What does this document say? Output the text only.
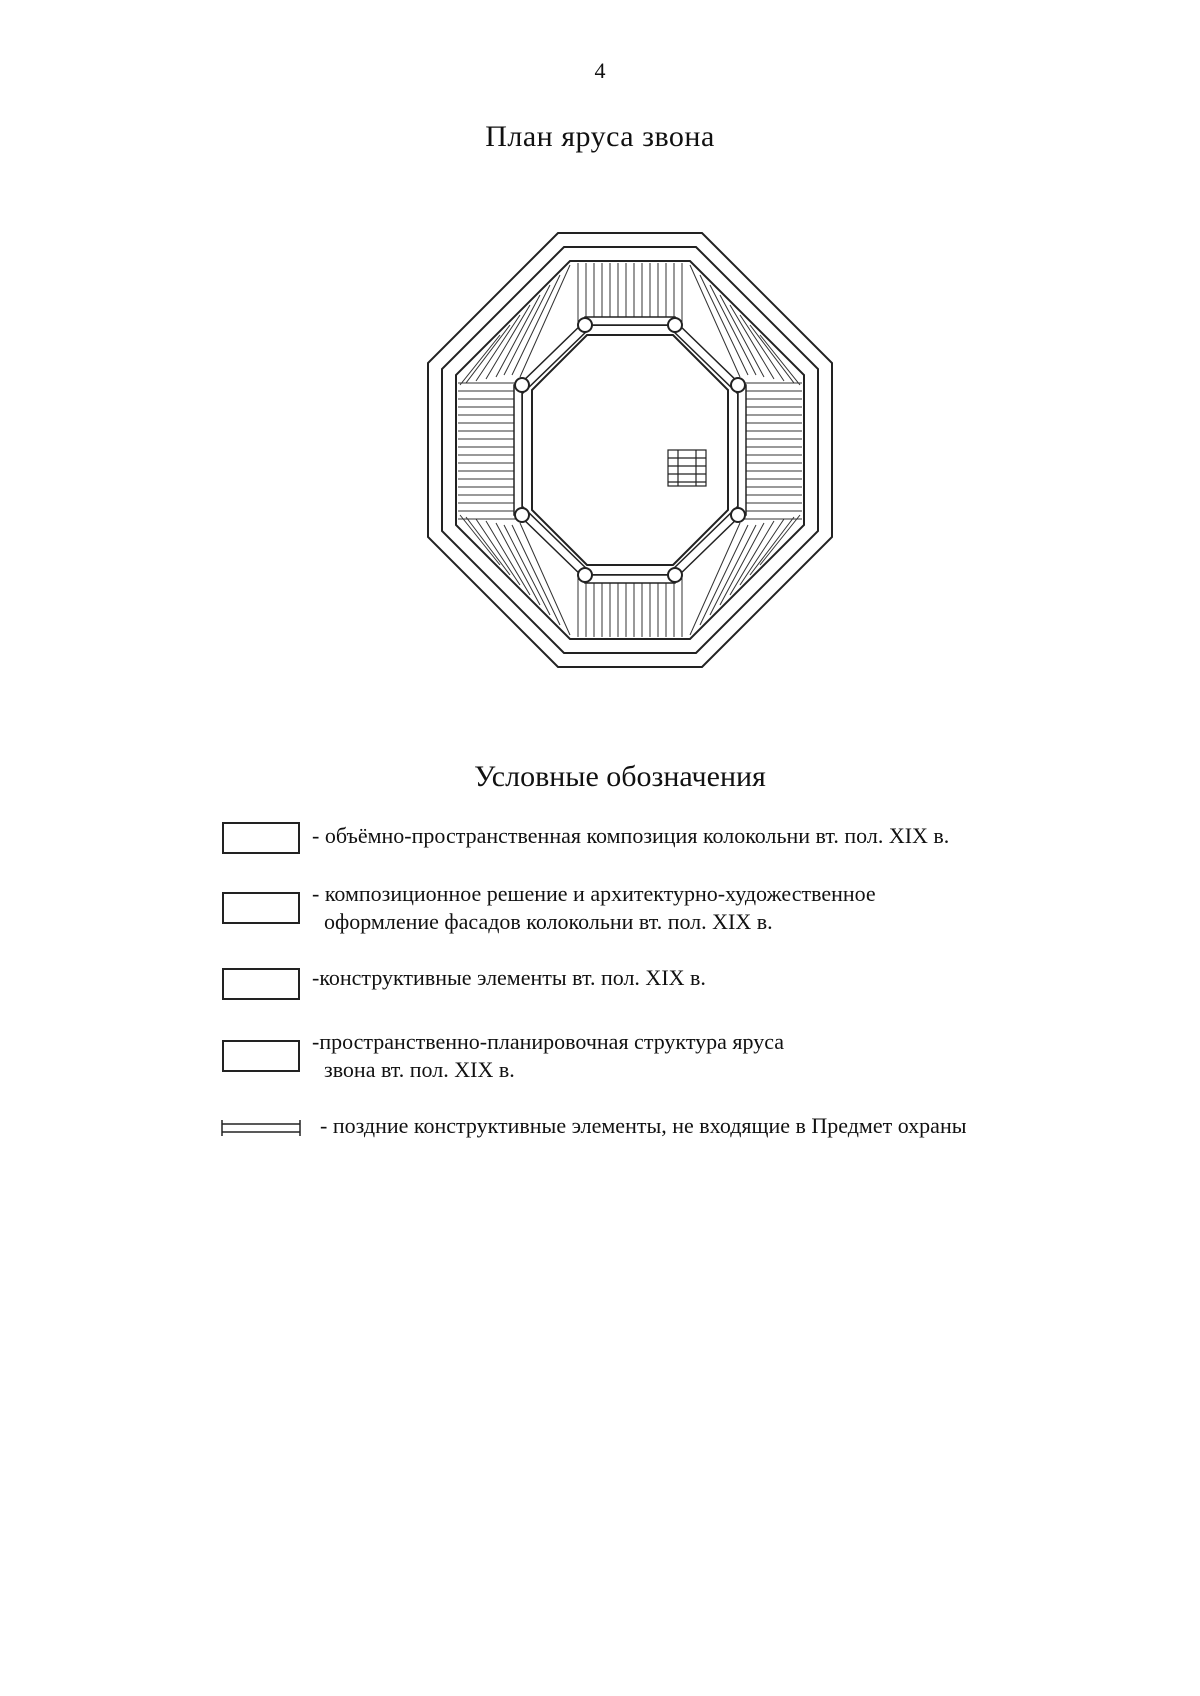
4
План яруса звона
Условные обозначения
- объёмно-пространственная композиция колокольни вт. пол. XIX в.
- композиционное решение и архитектурно-художественное
оформление фасадов колокольни вт. пол. XIX в.
-конструктивные элементы вт. пол. XIX в.
-пространственно-планировочная структура яруса
звона вт. пол. XIX в.
- поздние конструктивные элементы, не входящие в Предмет охраны
